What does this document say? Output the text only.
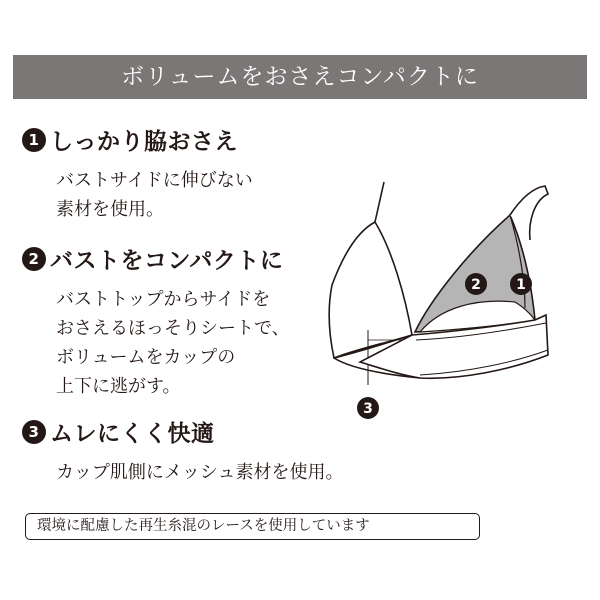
ボリュームをおさえコンパクトに
1 しっかり脇おさえ
バストサイドに伸びない
素材を使用。
2 バストをコンパクトに
バストトップからサイドを
おさえるほっそりシートで、
ボリュームをカップの
上下に逃がす。
3 ムレにくく快適
カップ肌側にメッシュ素材を使用。
2	1
3
環境に配慮した再生糸混のレースを使用しています
